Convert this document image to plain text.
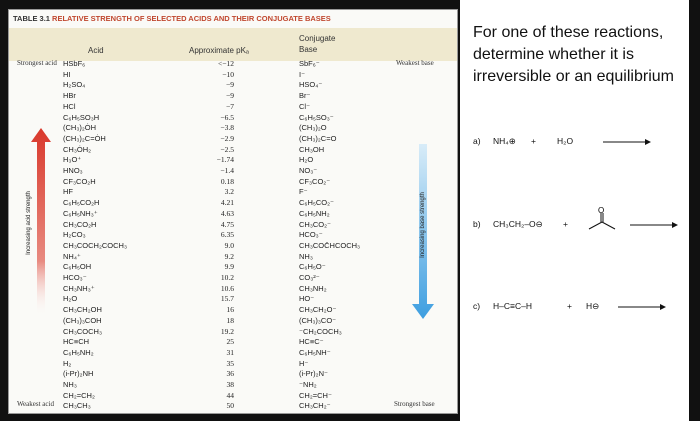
TABLE 3.1 RELATIVE STRENGTH OF SELECTED ACIDS AND THEIR CONJUGATE BASES
Acid	Approximate pKₐ
Conjugate
Base
HSbF₆	<−12	SbF₆⁻
HI	−10	I⁻
H₂SO₄	−9	HSO₄⁻
HBr	−9	Br⁻
HCl	−7	Cl⁻
C₆H₅SO₃H	−6.5	C₆H₅SO₃⁻
(CH₃)₂ȮH	−3.8	(CH₃)₂O
(CH₃)₂C=ȮH	−2.9	(CH₃)₂C=O
CH₃ȮH₂	−2.5	CH₃OH
H₃O⁺	−1.74	H₂O
HNO₃	−1.4	NO₃⁻
CF₃CO₂H	0.18	CF₃CO₂⁻
HF	3.2	F⁻
C₆H₅CO₂H	4.21	C₆H₅CO₂⁻
C₆H₅NH₃⁺	4.63	C₆H₅NH₂
CH₃CO₂H	4.75	CH₃CO₂⁻
H₂CO₃	6.35	HCO₃⁻
CH₃COCH₂COCH₃	9.0	CH₃COC̄HCOCH₃
NH₄⁺	9.2	NH₃
C₆H₅OH	9.9	C₆H₅O⁻
HCO₃⁻	10.2	CO₃²⁻
CH₃NH₃⁺	10.6	CH₃NH₂
H₂O	15.7	HO⁻
CH₃CH₂OH	16	CH₃CH₂O⁻
(CH₃)₃COH	18	(CH₃)₃CO⁻
CH₃COCH₃	19.2	⁻CH₂COCH₃
HC≡CH	25	HC≡C⁻
C₆H₅NH₂	31	C₆H₅NH⁻
H₂	35	H⁻
(i-Pr)₂NH	36	(i-Pr)₂N⁻
NH₃	38	⁻NH₂
CH₂=CH₂	44	CH₂=CH⁻
CH₃CH₃	50	CH₃CH₂⁻
Strongest acid
Weakest acid
Weakest base
Strongest base
Increasing acid strength	Increasing base strength
For one of these reactions, determine whether it is irreversible or an equilibrium
a) NH₄⊕ + H₂O
b) CH₃CH₂–O⊖ +
O
c) H–C≡C–H	+ H⊖
